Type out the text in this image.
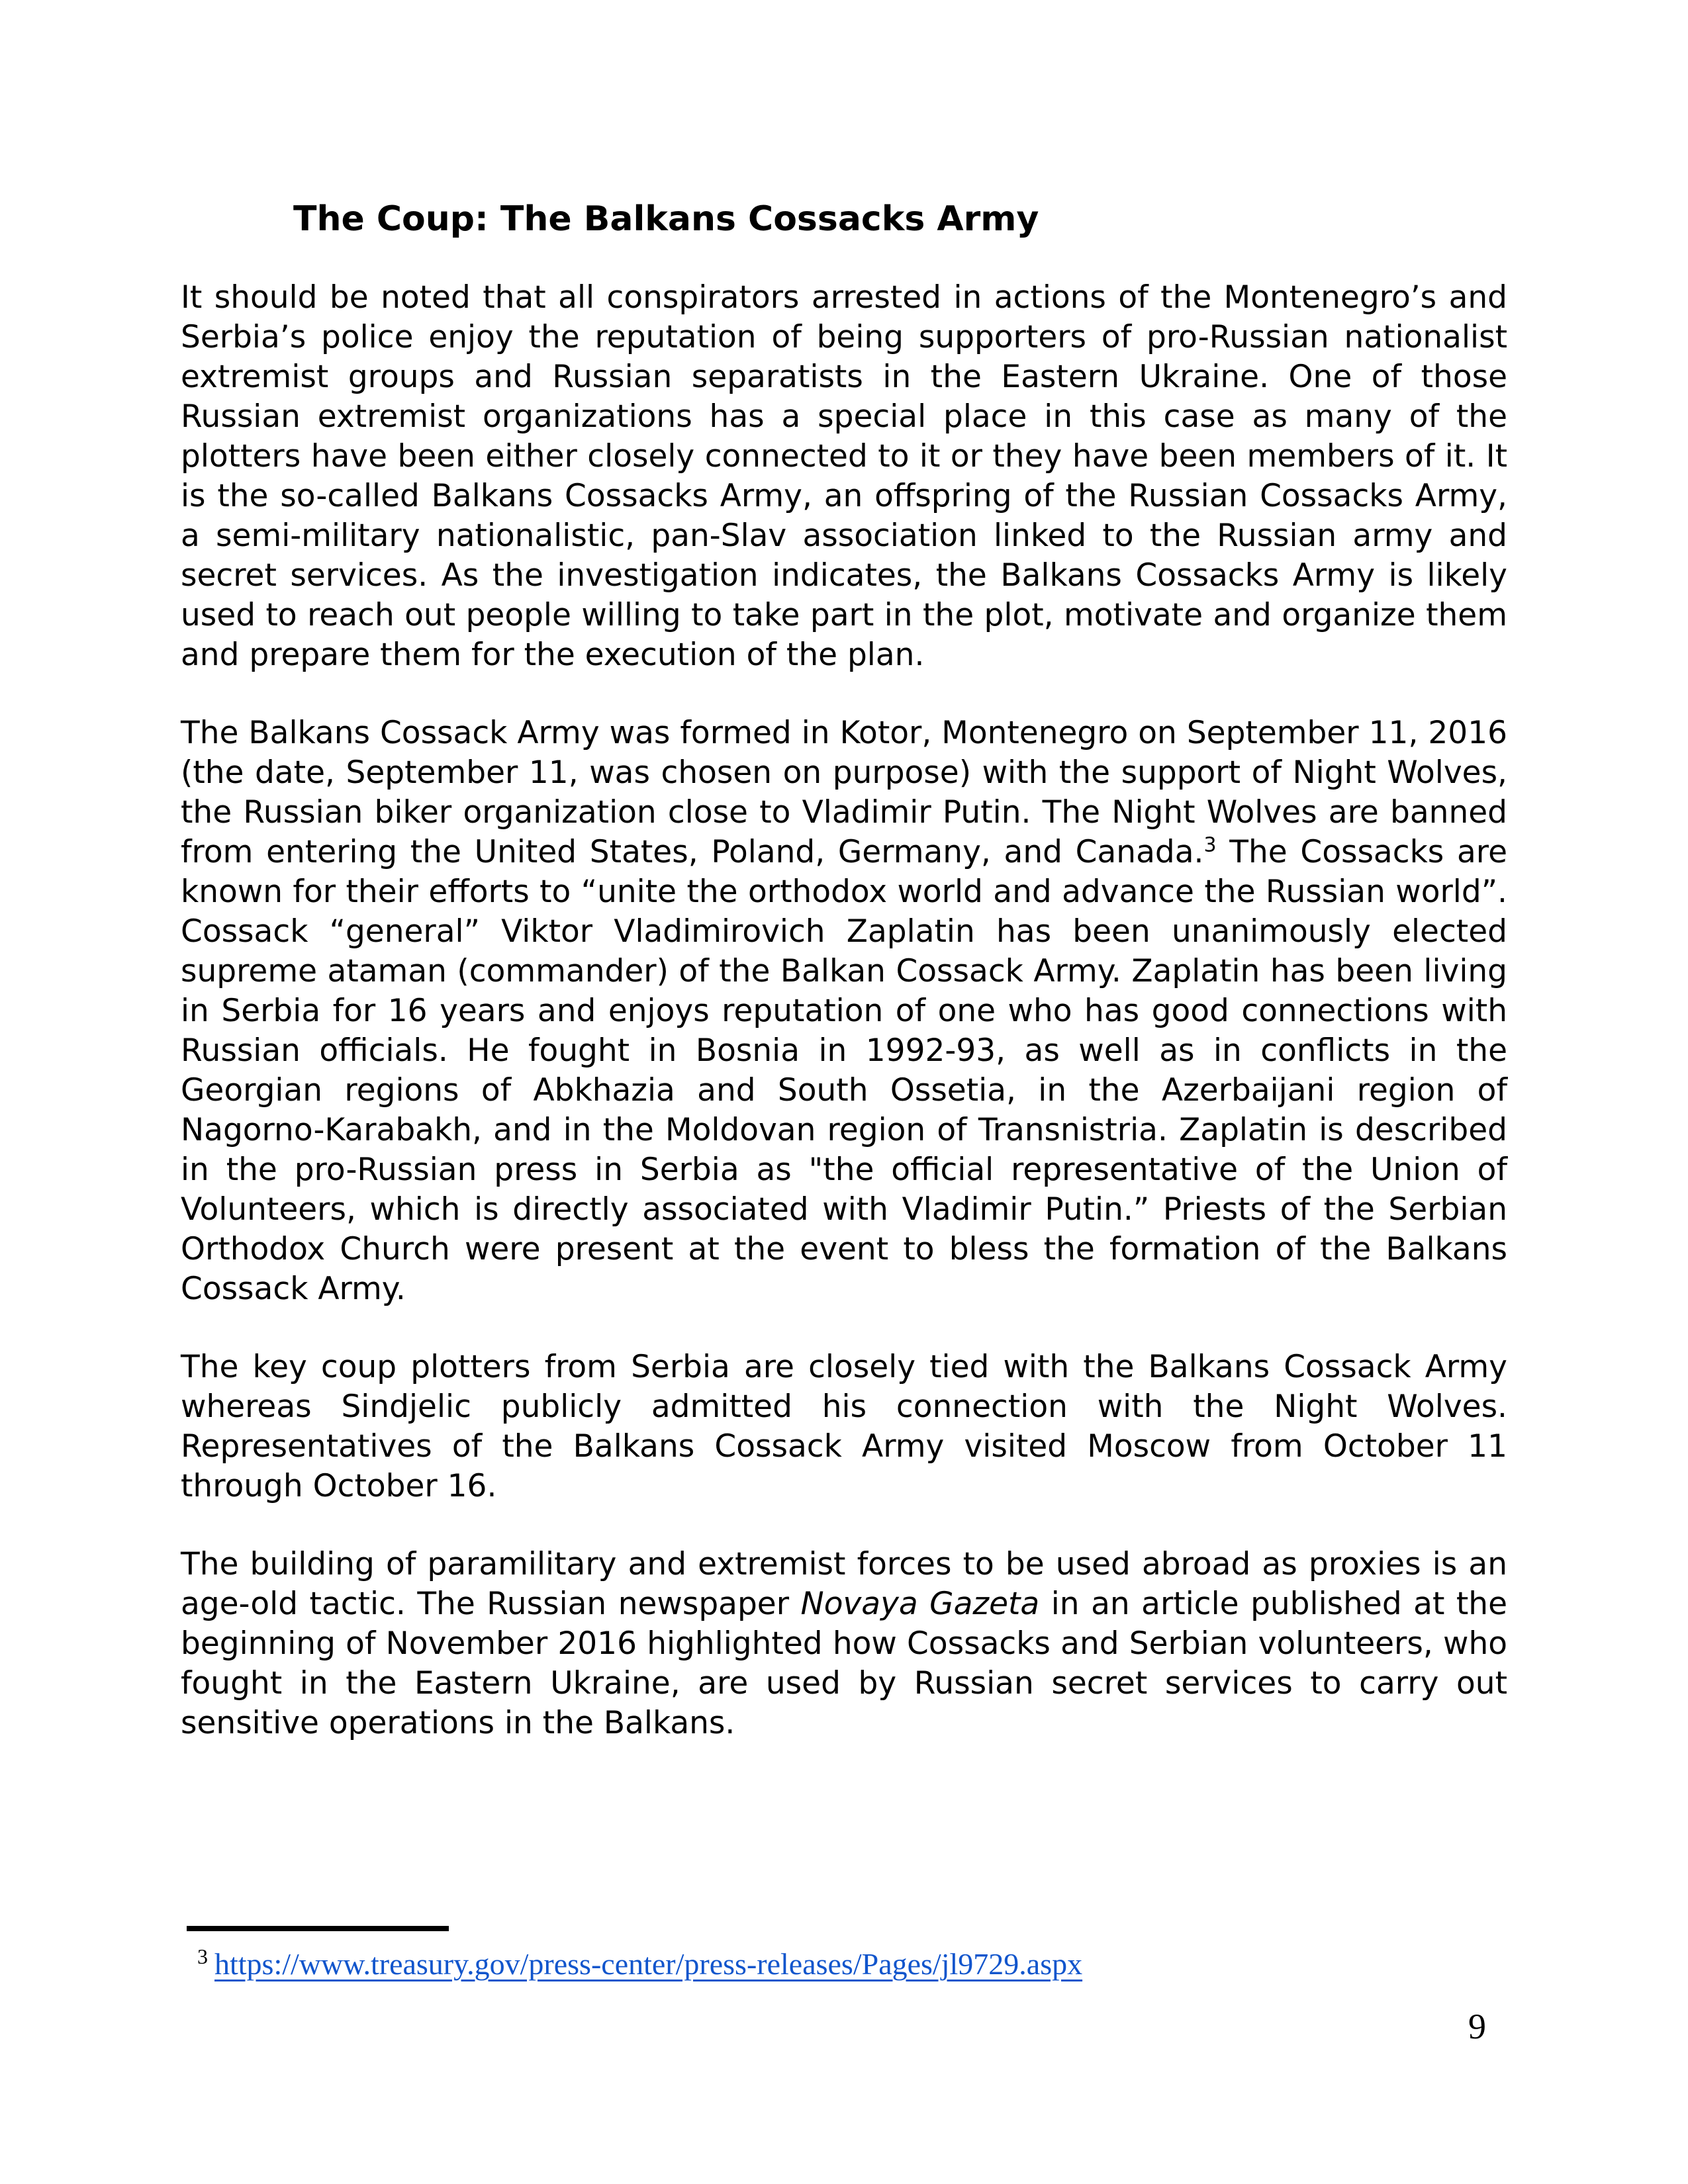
The Coup: The Balkans Cossacks Army

It should be noted that all conspirators arrested in actions of the Montenegro’s and Serbia’s police enjoy the reputation of being supporters of pro-Russian nationalist extremist groups and Russian separatists in the Eastern Ukraine. One of those Russian extremist organizations has a special place in this case as many of the plotters have been either closely connected to it or they have been members of it. It is the so-called Balkans Cossacks Army, an offspring of the Russian Cossacks Army, a semi-military nationalistic, pan-Slav association linked to the Russian army and secret services. As the investigation indicates, the Balkans Cossacks Army is likely used to reach out people willing to take part in the plot, motivate and organize them and prepare them for the execution of the plan.

The Balkans Cossack Army was formed in Kotor, Montenegro on September 11, 2016 (the date, September 11, was chosen on purpose) with the support of Night Wolves, the Russian biker organization close to Vladimir Putin. The Night Wolves are banned from entering the United States, Poland, Germany, and Canada.$^3$ The Cossacks are known for their efforts to “unite the orthodox world and advance the Russian world”. Cossack “general” Viktor Vladimirovich Zaplatin has been unanimously elected supreme ataman (commander) of the Balkan Cossack Army. Zaplatin has been living in Serbia for 16 years and enjoys reputation of one who has good connections with Russian officials. He fought in Bosnia in 1992-93, as well as in conflicts in the Georgian regions of Abkhazia and South Ossetia, in the Azerbaijani region of Nagorno-Karabakh, and in the Moldovan region of Transnistria. Zaplatin is described in the pro-Russian press in Serbia as "the official representative of the Union of Volunteers, which is directly associated with Vladimir Putin.” Priests of the Serbian Orthodox Church were present at the event to bless the formation of the Balkans Cossack Army.

The key coup plotters from Serbia are closely tied with the Balkans Cossack Army whereas Sindjelic publicly admitted his connection with the Night Wolves. Representatives of the Balkans Cossack Army visited Moscow from October 11 through October 16.

The building of paramilitary and extremist forces to be used abroad as proxies is an age-old tactic. The Russian newspaper Novaya Gazeta in an article published at the beginning of November 2016 highlighted how Cossacks and Serbian volunteers, who fought in the Eastern Ukraine, are used by Russian secret services to carry out sensitive operations in the Balkans.

$^3$ https://www.treasury.gov/press-center/press-releases/Pages/jl9729.aspx
9
